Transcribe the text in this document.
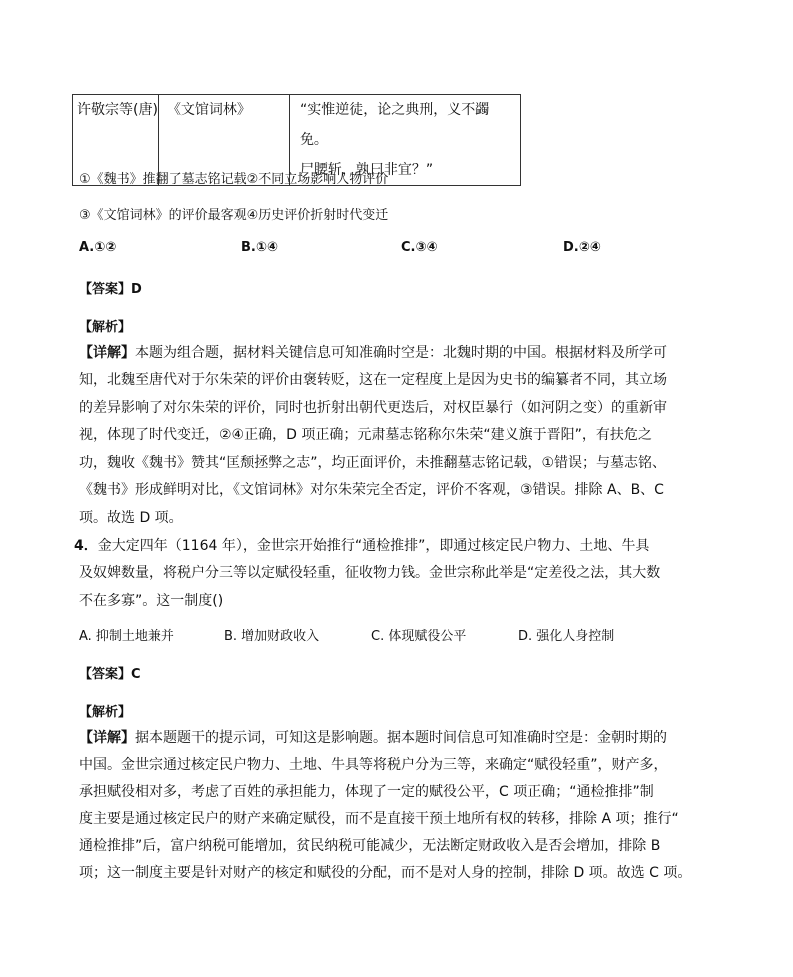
许敬宗等(唐)	《文馆词林》	“实惟逆徒，论之典刑，义不蠲免。
尸腰斩，孰曰非宜？”
①《魏书》推翻了墓志铭记载②不同立场影响人物评价
③《文馆词林》的评价最客观④历史评价折射时代变迁
A.①②	B.①④	C.③④	D.②④
【答案】D
【解析】
【详解】本题为组合题，据材料关键信息可知准确时空是：北魏时期的中国。根据材料及所学可
知，北魏至唐代对于尔朱荣的评价由褒转贬，这在一定程度上是因为史书的编纂者不同，其立场
的差异影响了对尔朱荣的评价，同时也折射出朝代更迭后，对权臣暴行（如河阴之变）的重新审
视，体现了时代变迁，②④正确，D 项正确；元肃墓志铭称尔朱荣“建义旗于晋阳”，有扶危之
功，魏收《魏书》赞其“匡颓拯弊之志”，均正面评价，未推翻墓志铭记载，①错误；与墓志铭、
《魏书》形成鲜明对比，《文馆词林》对尔朱荣完全否定，评价不客观，③错误。排除 A、B、C
项。故选 D 项。
4．金大定四年（1164 年），金世宗开始推行“通检推排”，即通过核定民户物力、土地、牛具
及奴婢数量，将税户分三等以定赋役轻重，征收物力钱。金世宗称此举是“定差役之法，其大数
不在多寡”。这一制度()
A. 抑制土地兼并	B. 增加财政收入	C. 体现赋役公平	D. 强化人身控制
【答案】C
【解析】
【详解】据本题题干的提示词，可知这是影响题。据本题时间信息可知准确时空是：金朝时期的
中国。金世宗通过核定民户物力、土地、牛具等将税户分为三等，来确定“赋役轻重”，财产多，
承担赋役相对多，考虑了百姓的承担能力，体现了一定的赋役公平，C 项正确；“通检推排”制
度主要是通过核定民户的财产来确定赋役，而不是直接干预土地所有权的转移，排除 A 项；推行“
通检推排”后，富户纳税可能增加，贫民纳税可能减少，无法断定财政收入是否会增加，排除 B
项；这一制度主要是针对财产的核定和赋役的分配，而不是对人身的控制，排除 D 项。故选 C 项。
